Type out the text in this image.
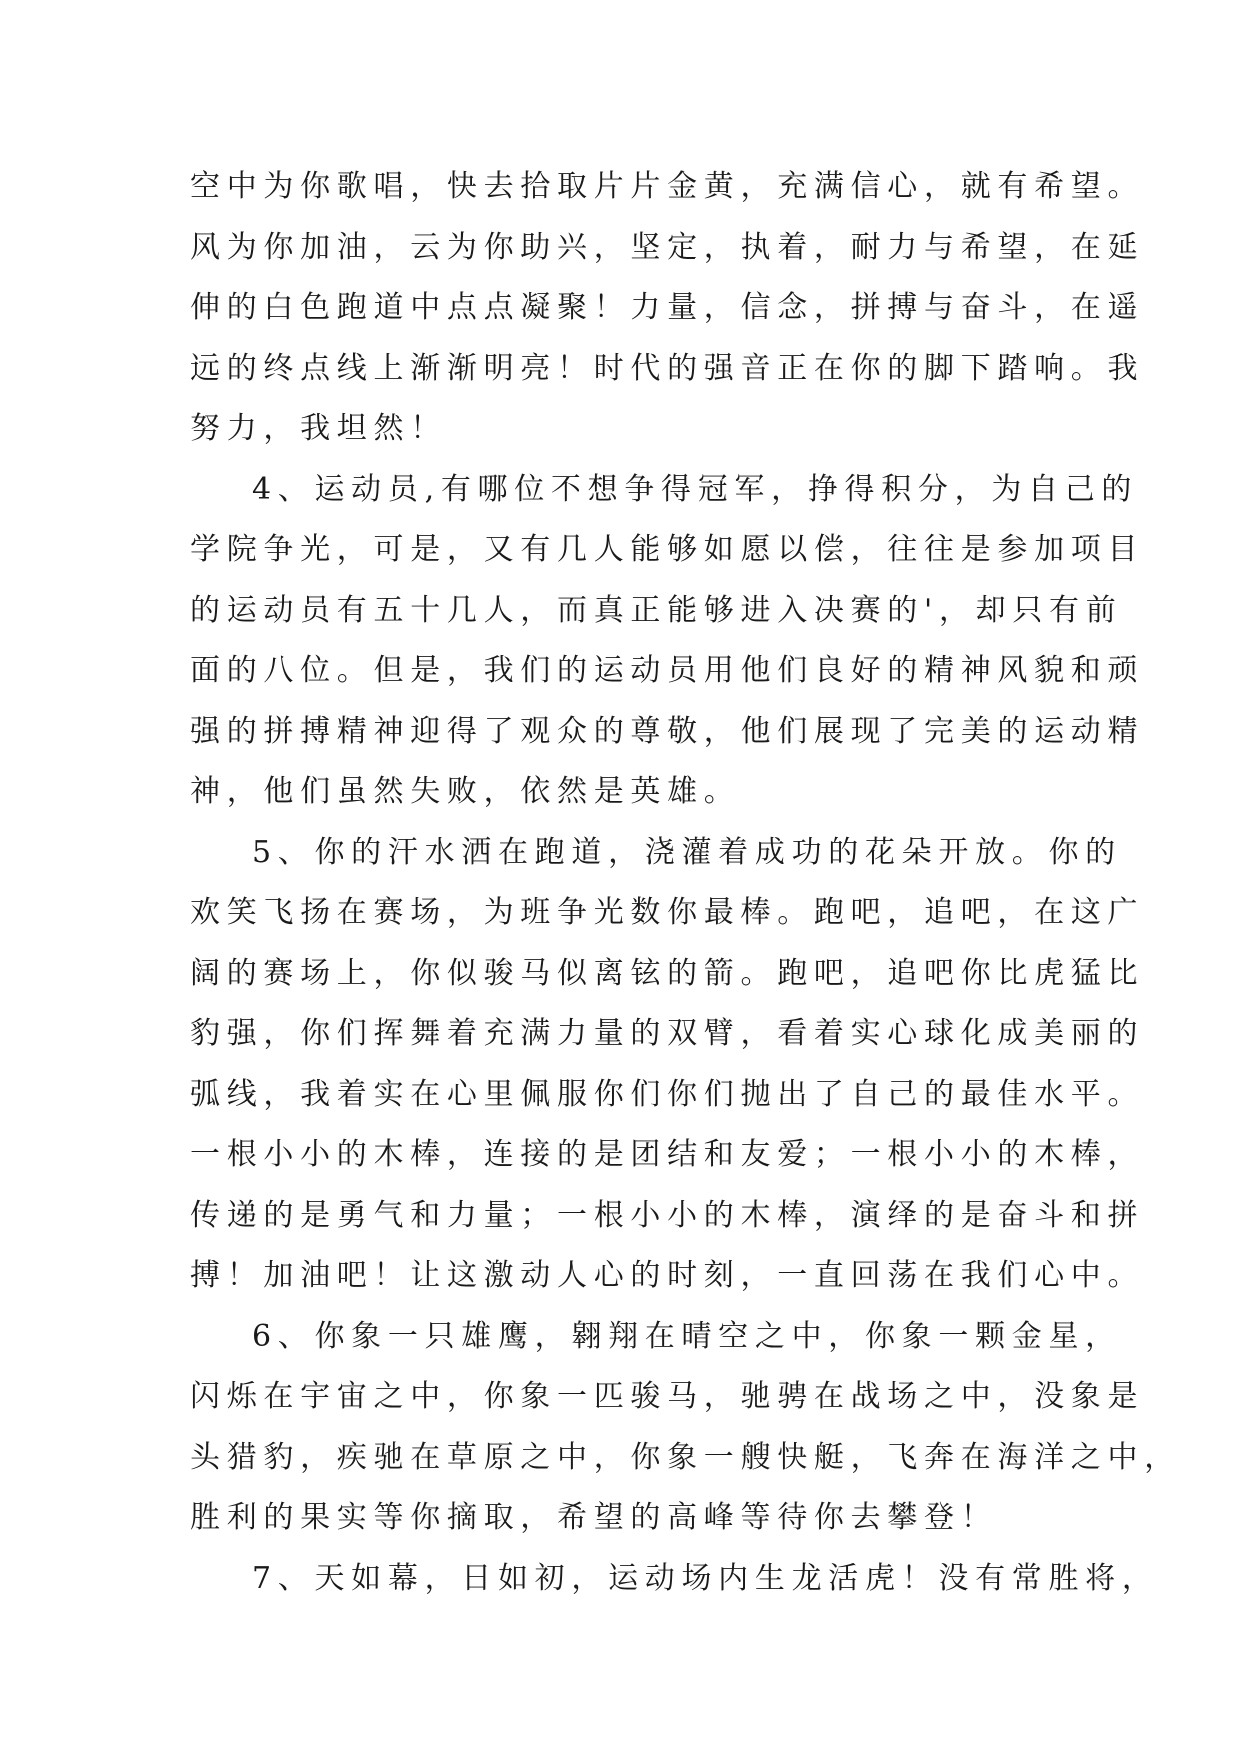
空中为你歌唱，快去拾取片片金黄，充满信心，就有希望。
风为你加油，云为你助兴，坚定，执着，耐力与希望，在延
伸的白色跑道中点点凝聚！力量，信念，拼搏与奋斗，在遥
远的终点线上渐渐明亮！时代的强音正在你的脚下踏响。我
努力，我坦然！
4、运动员,有哪位不想争得冠军，挣得积分，为自己的
学院争光，可是，又有几人能够如愿以偿，往往是参加项目
的运动员有五十几人，而真正能够进入决赛的'，却只有前
面的八位。但是，我们的运动员用他们良好的精神风貌和顽
强的拼搏精神迎得了观众的尊敬，他们展现了完美的运动精
神，他们虽然失败，依然是英雄。
5、你的汗水洒在跑道，浇灌着成功的花朵开放。你的
欢笑飞扬在赛场，为班争光数你最棒。跑吧，追吧，在这广
阔的赛场上，你似骏马似离铉的箭。跑吧，追吧你比虎猛比
豹强，你们挥舞着充满力量的双臂，看着实心球化成美丽的
弧线，我着实在心里佩服你们你们抛出了自己的最佳水平。
一根小小的木棒，连接的是团结和友爱；一根小小的木棒，
传递的是勇气和力量；一根小小的木棒，演绎的是奋斗和拼
搏！加油吧！让这激动人心的时刻，一直回荡在我们心中。
6、你象一只雄鹰，翱翔在晴空之中，你象一颗金星，
闪烁在宇宙之中，你象一匹骏马，驰骋在战场之中，没象是
头猎豹，疾驰在草原之中，你象一艘快艇，飞奔在海洋之中，
胜利的果实等你摘取，希望的高峰等待你去攀登！
7、天如幕，日如初，运动场内生龙活虎！没有常胜将，
